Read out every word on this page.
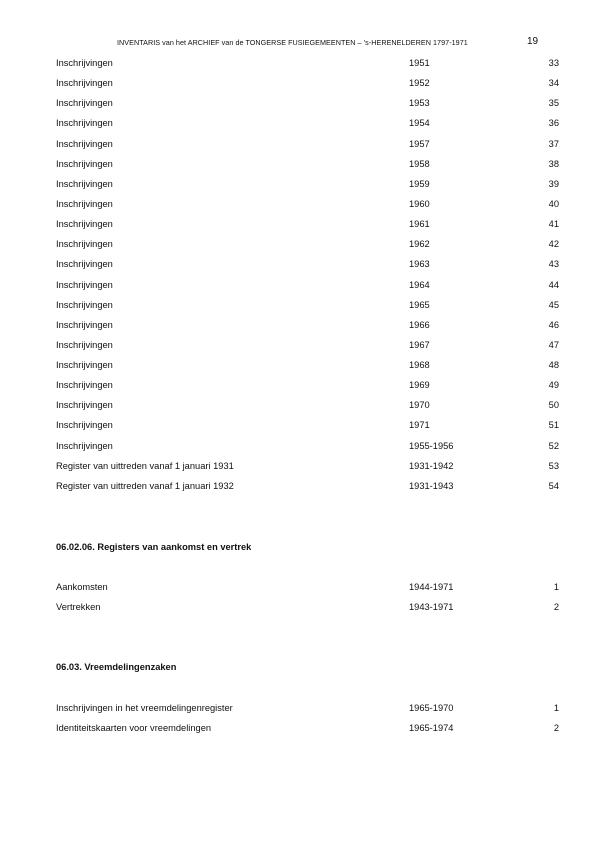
INVENTARIS van het ARCHIEF van de TONGERSE FUSIEGEMEENTEN – ’s-HERENELDEREN 1797-1971	19
Inschrijvingen	1951	33
Inschrijvingen	1952	34
Inschrijvingen	1953	35
Inschrijvingen	1954	36
Inschrijvingen	1957	37
Inschrijvingen	1958	38
Inschrijvingen	1959	39
Inschrijvingen	1960	40
Inschrijvingen	1961	41
Inschrijvingen	1962	42
Inschrijvingen	1963	43
Inschrijvingen	1964	44
Inschrijvingen	1965	45
Inschrijvingen	1966	46
Inschrijvingen	1967	47
Inschrijvingen	1968	48
Inschrijvingen	1969	49
Inschrijvingen	1970	50
Inschrijvingen	1971	51
Inschrijvingen	1955-1956	52
Register van uittreden vanaf 1 januari 1931	1931-1942	53
Register van uittreden vanaf 1 januari 1932	1931-1943	54
06.02.06. Registers van aankomst en vertrek
Aankomsten	1944-1971	1
Vertrekken	1943-1971	2
06.03. Vreemdelingenzaken
Inschrijvingen in het vreemdelingenregister	1965-1970	1
Identiteitskaarten voor vreemdelingen	1965-1974	2
